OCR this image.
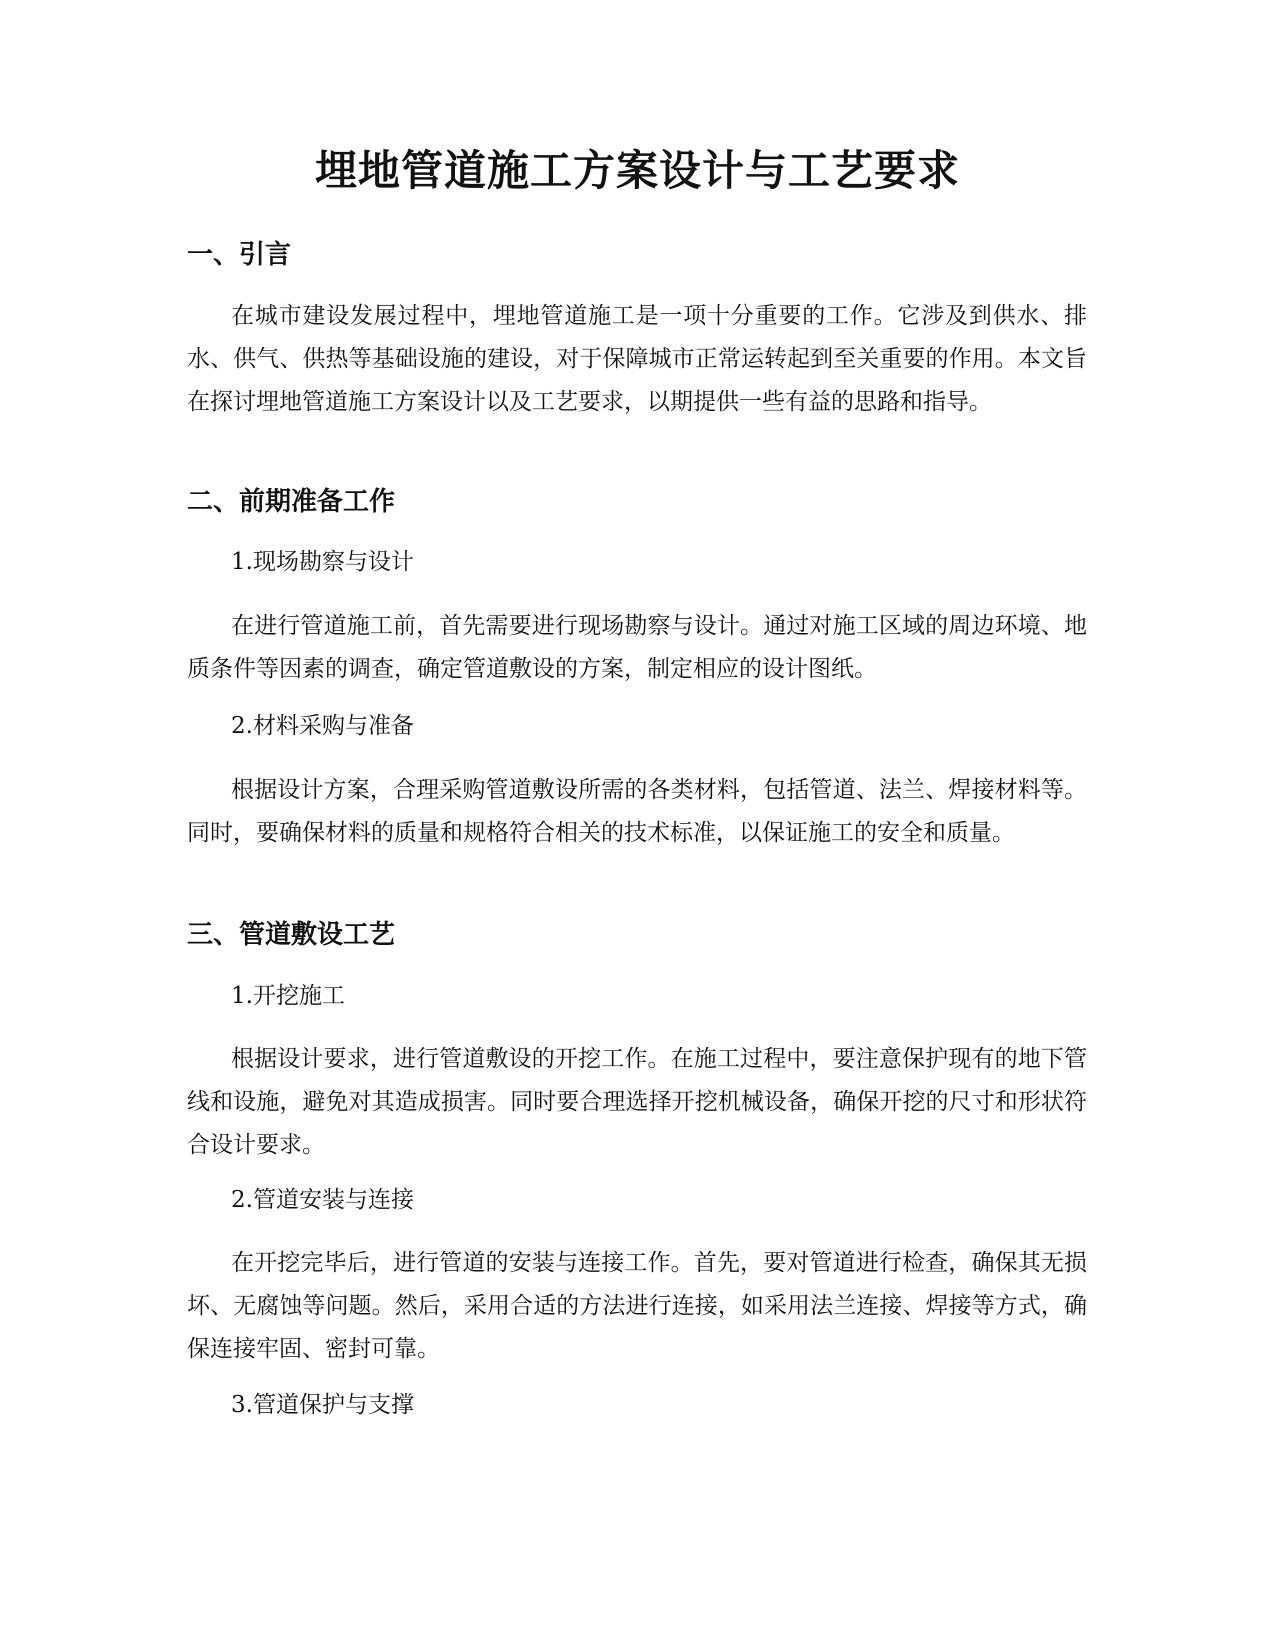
埋地管道施工方案设计与工艺要求
一、引言

在城市建设发展过程中，埋地管道施工是一项十分重要的工作。它涉及到供水、排水、供气、供热等基础设施的建设，对于保障城市正常运转起到至关重要的作用。本文旨在探讨埋地管道施工方案设计以及工艺要求，以期提供一些有益的思路和指导。

二、前期准备工作

1.现场勘察与设计

在进行管道施工前，首先需要进行现场勘察与设计。通过对施工区域的周边环境、地质条件等因素的调查，确定管道敷设的方案，制定相应的设计图纸。

2.材料采购与准备

根据设计方案，合理采购管道敷设所需的各类材料，包括管道、法兰、焊接材料等。同时，要确保材料的质量和规格符合相关的技术标准，以保证施工的安全和质量。

三、管道敷设工艺

1.开挖施工

根据设计要求，进行管道敷设的开挖工作。在施工过程中，要注意保护现有的地下管线和设施，避免对其造成损害。同时要合理选择开挖机械设备，确保开挖的尺寸和形状符合设计要求。

2.管道安装与连接

在开挖完毕后，进行管道的安装与连接工作。首先，要对管道进行检查，确保其无损坏、无腐蚀等问题。然后，采用合适的方法进行连接，如采用法兰连接、焊接等方式，确保连接牢固、密封可靠。

3.管道保护与支撑
